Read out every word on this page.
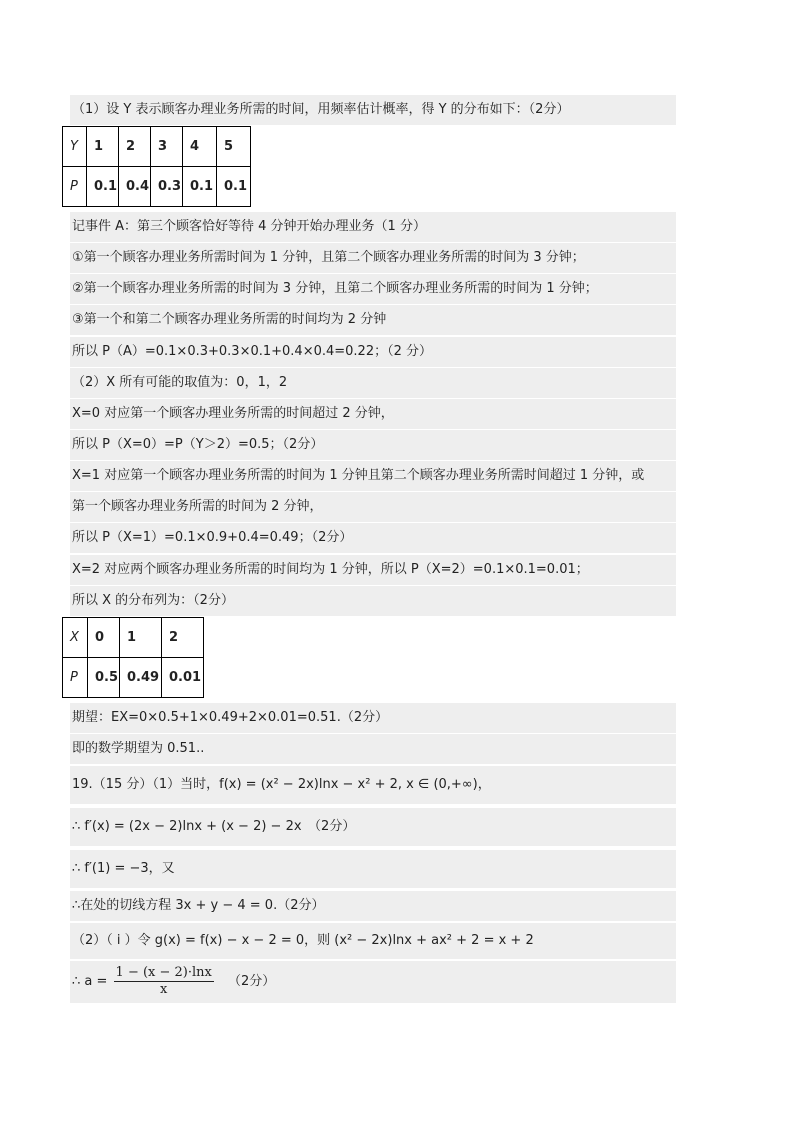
（1）设 Y 表示顾客办理业务所需的时间，用频率估计概率，得 Y 的分布如下：（2分）
Y	1	2	3	4	5
P	0.1	0.4	0.3	0.1	0.1
记事件 A：第三个顾客恰好等待 4 分钟开始办理业务（1 分）
①第一个顾客办理业务所需时间为 1 分钟，且第二个顾客办理业务所需的时间为 3 分钟；
②第一个顾客办理业务所需的时间为 3 分钟，且第二个顾客办理业务所需的时间为 1 分钟；
③第一个和第二个顾客办理业务所需的时间均为 2 分钟
所以 P（A）=0.1×0.3+0.3×0.1+0.4×0.4=0.22；（2 分）
（2）X 所有可能的取值为：0，1，2
X=0 对应第一个顾客办理业务所需的时间超过 2 分钟，
所以 P（X=0）=P（Y＞2）=0.5；（2分）
X=1 对应第一个顾客办理业务所需的时间为 1 分钟且第二个顾客办理业务所需时间超过 1 分钟，或
第一个顾客办理业务所需的时间为 2 分钟，
所以 P（X=1）=0.1×0.9+0.4=0.49；（2分）
X=2 对应两个顾客办理业务所需的时间均为 1 分钟，所以 P（X=2）=0.1×0.1=0.01；
所以 X 的分布列为：（2分）
X	0	1	2
P	0.5	0.49	0.01
期望：EX=0×0.5+1×0.49+2×0.01=0.51.（2分）
即的数学期望为 0.51..
19.（15 分）（1）当时，f(x) = (x² − 2x)lnx − x² + 2, x ∈ (0,+∞)，
∴ f′(x) = (2x − 2)lnx + (x − 2) − 2x　（2分）
∴ f′(1) = −3，又
∴在处的切线方程 3x + y − 4 = 0.（2分）
（2）（ i ）令 g(x) = f(x) − x − 2 = 0，则 (x² − 2x)lnx + ax² + 2 = x + 2
∴ $a = \frac{1 - (x - 2)\cdot\ln x}{x} (2$分）
